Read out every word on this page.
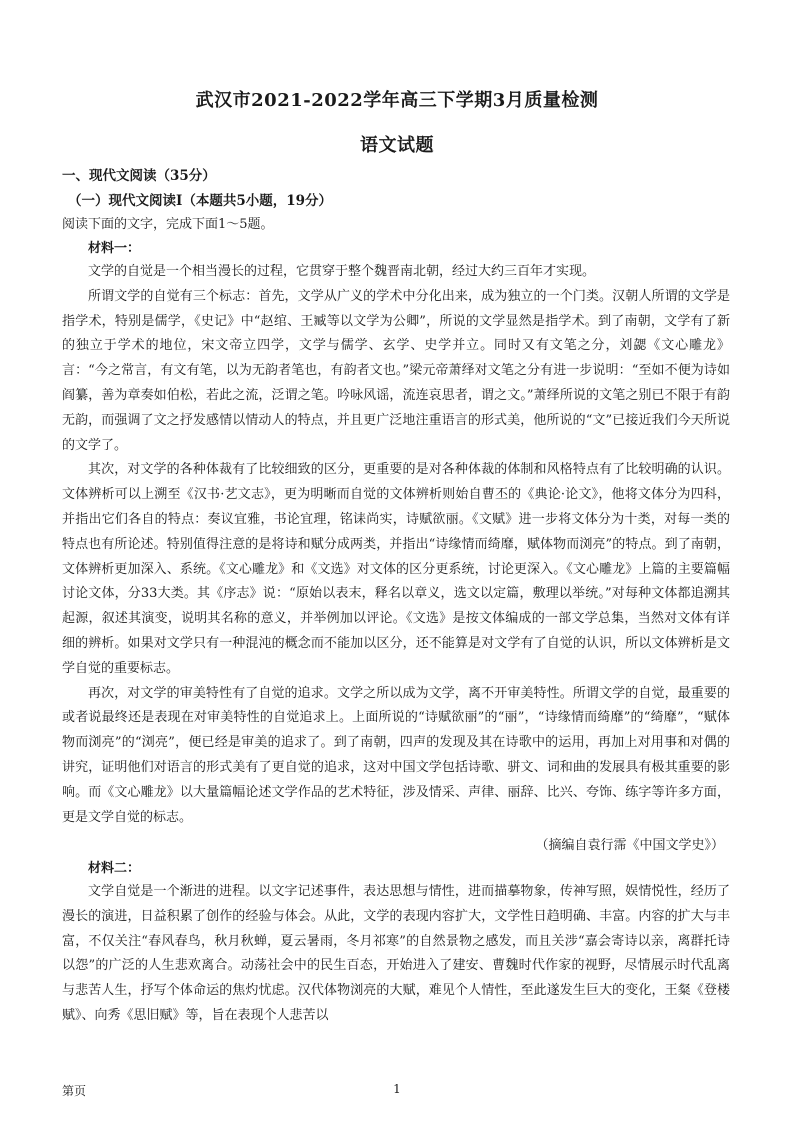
武汉市2021-2022学年高三下学期3月质量检测
语文试题
一、现代文阅读（35分）
（一）现代文阅读Ⅰ（本题共5小题，19分）
阅读下面的文字，完成下面1～5题。
材料一：

文学的自觉是一个相当漫长的过程，它贯穿于整个魏晋南北朝，经过大约三百年才实现。

所谓文学的自觉有三个标志：首先，文学从广义的学术中分化出来，成为独立的一个门类。汉朝人所谓的文学是指学术，特别是儒学，《史记》中“赵绾、王臧等以文学为公卿”，所说的文学显然是指学术。到了南朝，文学有了新的独立于学术的地位，宋文帝立四学，文学与儒学、玄学、史学并立。同时又有文笔之分，刘勰《文心雕龙》言：“今之常言，有文有笔，以为无韵者笔也，有韵者文也。”梁元帝萧绎对文笔之分有进一步说明：“至如不便为诗如阎纂，善为章奏如伯松，若此之流，泛谓之笔。吟咏风谣，流连哀思者，谓之文。”萧绎所说的文笔之别已不限于有韵无韵，而强调了文之抒发感情以情动人的特点，并且更广泛地注重语言的形式美，他所说的“文”已接近我们今天所说的文学了。

其次，对文学的各种体裁有了比较细致的区分，更重要的是对各种体裁的体制和风格特点有了比较明确的认识。文体辨析可以上溯至《汉书·艺文志》，更为明晰而自觉的文体辨析则始自曹丕的《典论·论文》，他将文体分为四科，并指出它们各自的特点：奏议宜雅，书论宜理，铭诔尚实，诗赋欲丽。《文赋》进一步将文体分为十类，对每一类的特点也有所论述。特别值得注意的是将诗和赋分成两类，并指出“诗缘情而绮靡，赋体物而浏亮”的特点。到了南朝，文体辨析更加深入、系统。《文心雕龙》和《文选》对文体的区分更系统，讨论更深入。《文心雕龙》上篇的主要篇幅讨论文体，分33大类。其《序志》说：“原始以表末，释名以章义，选文以定篇，敷理以举统。”对每种文体都追溯其起源，叙述其演变，说明其名称的意义，并举例加以评论。《文选》是按文体编成的一部文学总集，当然对文体有详细的辨析。如果对文学只有一种混沌的概念而不能加以区分，还不能算是对文学有了自觉的认识，所以文体辨析是文学自觉的重要标志。

再次，对文学的审美特性有了自觉的追求。文学之所以成为文学，离不开审美特性。所谓文学的自觉，最重要的或者说最终还是表现在对审美特性的自觉追求上。上面所说的“诗赋欲丽”的“丽”，“诗缘情而绮靡”的“绮靡”，“赋体物而浏亮”的“浏亮”，便已经是审美的追求了。到了南朝，四声的发现及其在诗歌中的运用，再加上对用事和对偶的讲究，证明他们对语言的形式美有了更自觉的追求，这对中国文学包括诗歌、骈文、词和曲的发展具有极其重要的影响。而《文心雕龙》以大量篇幅论述文学作品的艺术特征，涉及情采、声律、丽辞、比兴、夸饰、练字等许多方面，更是文学自觉的标志。

（摘编自袁行霈《中国文学史》）
材料二：

文学自觉是一个渐进的进程。以文字记述事件，表达思想与情性，进而描摹物象，传神写照，娱情悦性，经历了漫长的演进，日益积累了创作的经验与体会。从此，文学的表现内容扩大，文学性日趋明确、丰富。内容的扩大与丰富，不仅关注“春风春鸟，秋月秋蝉，夏云暑雨，冬月祁寒”的自然景物之感发，而且关涉“嘉会寄诗以亲，离群托诗以怨”的广泛的人生悲欢离合。动荡社会中的民生百态，开始进入了建安、曹魏时代作家的视野，尽情展示时代乱离与悲苦人生，抒写个体命运的焦灼忧虑。汉代体物浏亮的大赋，难见个人情性，至此遂发生巨大的变化，王粲《登楼赋》、向秀《思旧赋》等，旨在表现个人悲苦以

第页	1
